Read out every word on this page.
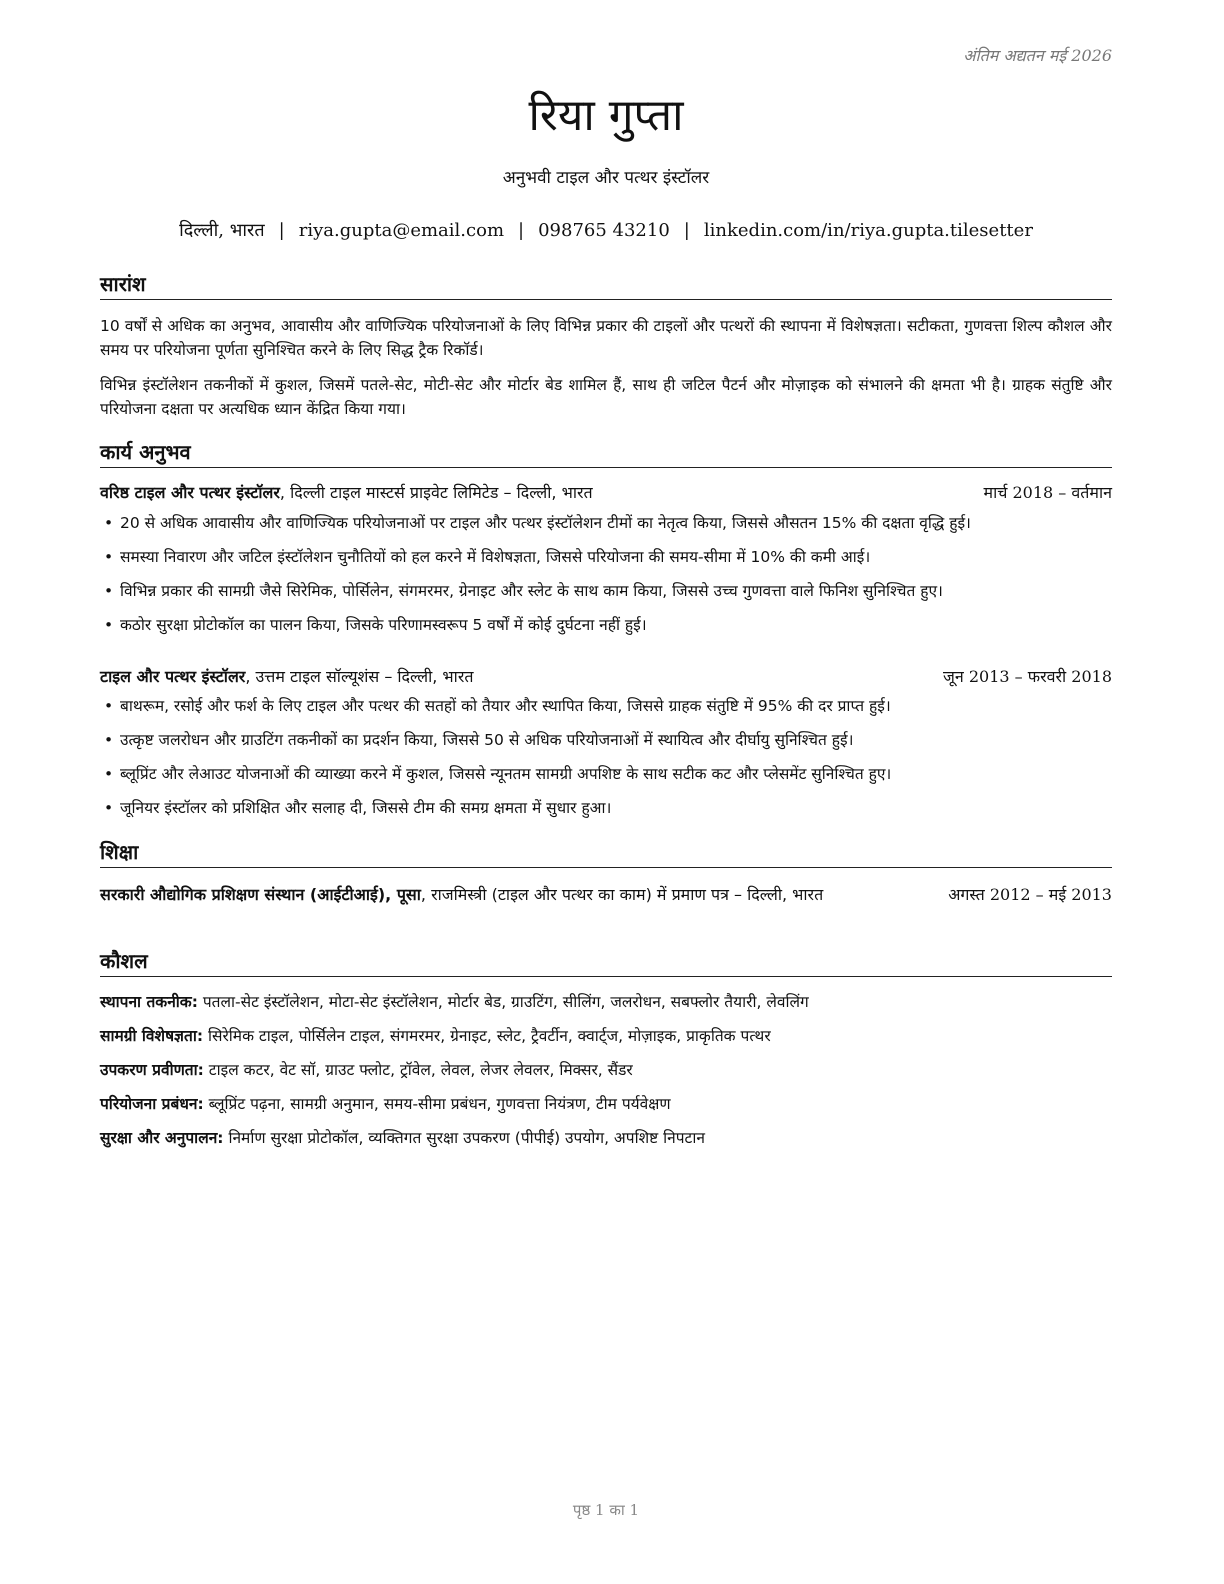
अंतिम अद्यतन मई 2026
रिया गुप्ता
अनुभवी टाइल और पत्थर इंस्टॉलर
दिल्ली, भारत | riya.gupta@email.com | 098765 43210 | linkedin.com/in/riya.gupta.tilesetter
सारांश
10 वर्षों से अधिक का अनुभव, आवासीय और वाणिज्यिक परियोजनाओं के लिए विभिन्न प्रकार की टाइलों और पत्थरों की स्थापना में विशेषज्ञता। सटीकता, गुणवत्ता शिल्प कौशल और समय पर परियोजना पूर्णता सुनिश्चित करने के लिए सिद्ध ट्रैक रिकॉर्ड।
विभिन्न इंस्टॉलेशन तकनीकों में कुशल, जिसमें पतले-सेट, मोटी-सेट और मोर्टार बेड शामिल हैं, साथ ही जटिल पैटर्न और मोज़ाइक को संभालने की क्षमता भी है। ग्राहक संतुष्टि और परियोजना दक्षता पर अत्यधिक ध्यान केंद्रित किया गया।
कार्य अनुभव
वरिष्ठ टाइल और पत्थर इंस्टॉलर, दिल्ली टाइल मास्टर्स प्राइवेट लिमिटेड – दिल्ली, भारत	मार्च 2018 – वर्तमान
• 20 से अधिक आवासीय और वाणिज्यिक परियोजनाओं पर टाइल और पत्थर इंस्टॉलेशन टीमों का नेतृत्व किया, जिससे औसतन 15% की दक्षता वृद्धि हुई।
• समस्या निवारण और जटिल इंस्टॉलेशन चुनौतियों को हल करने में विशेषज्ञता, जिससे परियोजना की समय-सीमा में 10% की कमी आई।
• विभिन्न प्रकार की सामग्री जैसे सिरेमिक, पोर्सिलेन, संगमरमर, ग्रेनाइट और स्लेट के साथ काम किया, जिससे उच्च गुणवत्ता वाले फिनिश सुनिश्चित हुए।
• कठोर सुरक्षा प्रोटोकॉल का पालन किया, जिसके परिणामस्वरूप 5 वर्षों में कोई दुर्घटना नहीं हुई।
टाइल और पत्थर इंस्टॉलर, उत्तम टाइल सॉल्यूशंस – दिल्ली, भारत	जून 2013 – फरवरी 2018
• बाथरूम, रसोई और फर्श के लिए टाइल और पत्थर की सतहों को तैयार और स्थापित किया, जिससे ग्राहक संतुष्टि में 95% की दर प्राप्त हुई।
• उत्कृष्ट जलरोधन और ग्राउटिंग तकनीकों का प्रदर्शन किया, जिससे 50 से अधिक परियोजनाओं में स्थायित्व और दीर्घायु सुनिश्चित हुई।
• ब्लूप्रिंट और लेआउट योजनाओं की व्याख्या करने में कुशल, जिससे न्यूनतम सामग्री अपशिष्ट के साथ सटीक कट और प्लेसमेंट सुनिश्चित हुए।
• जूनियर इंस्टॉलर को प्रशिक्षित और सलाह दी, जिससे टीम की समग्र क्षमता में सुधार हुआ।
शिक्षा
सरकारी औद्योगिक प्रशिक्षण संस्थान (आईटीआई), पूसा, राजमिस्त्री (टाइल और पत्थर का काम) में प्रमाण पत्र – दिल्ली, भारत	अगस्त 2012 – मई 2013
कौशल
स्थापना तकनीक: पतला-सेट इंस्टॉलेशन, मोटा-सेट इंस्टॉलेशन, मोर्टार बेड, ग्राउटिंग, सीलिंग, जलरोधन, सबफ्लोर तैयारी, लेवलिंग
सामग्री विशेषज्ञता: सिरेमिक टाइल, पोर्सिलेन टाइल, संगमरमर, ग्रेनाइट, स्लेट, ट्रैवर्टीन, क्वार्ट्ज, मोज़ाइक, प्राकृतिक पत्थर
उपकरण प्रवीणता: टाइल कटर, वेट सॉ, ग्राउट फ्लोट, ट्रॉवेल, लेवल, लेजर लेवलर, मिक्सर, सैंडर
परियोजना प्रबंधन: ब्लूप्रिंट पढ़ना, सामग्री अनुमान, समय-सीमा प्रबंधन, गुणवत्ता नियंत्रण, टीम पर्यवेक्षण
सुरक्षा और अनुपालन: निर्माण सुरक्षा प्रोटोकॉल, व्यक्तिगत सुरक्षा उपकरण (पीपीई) उपयोग, अपशिष्ट निपटान
पृष्ठ 1 का 1
